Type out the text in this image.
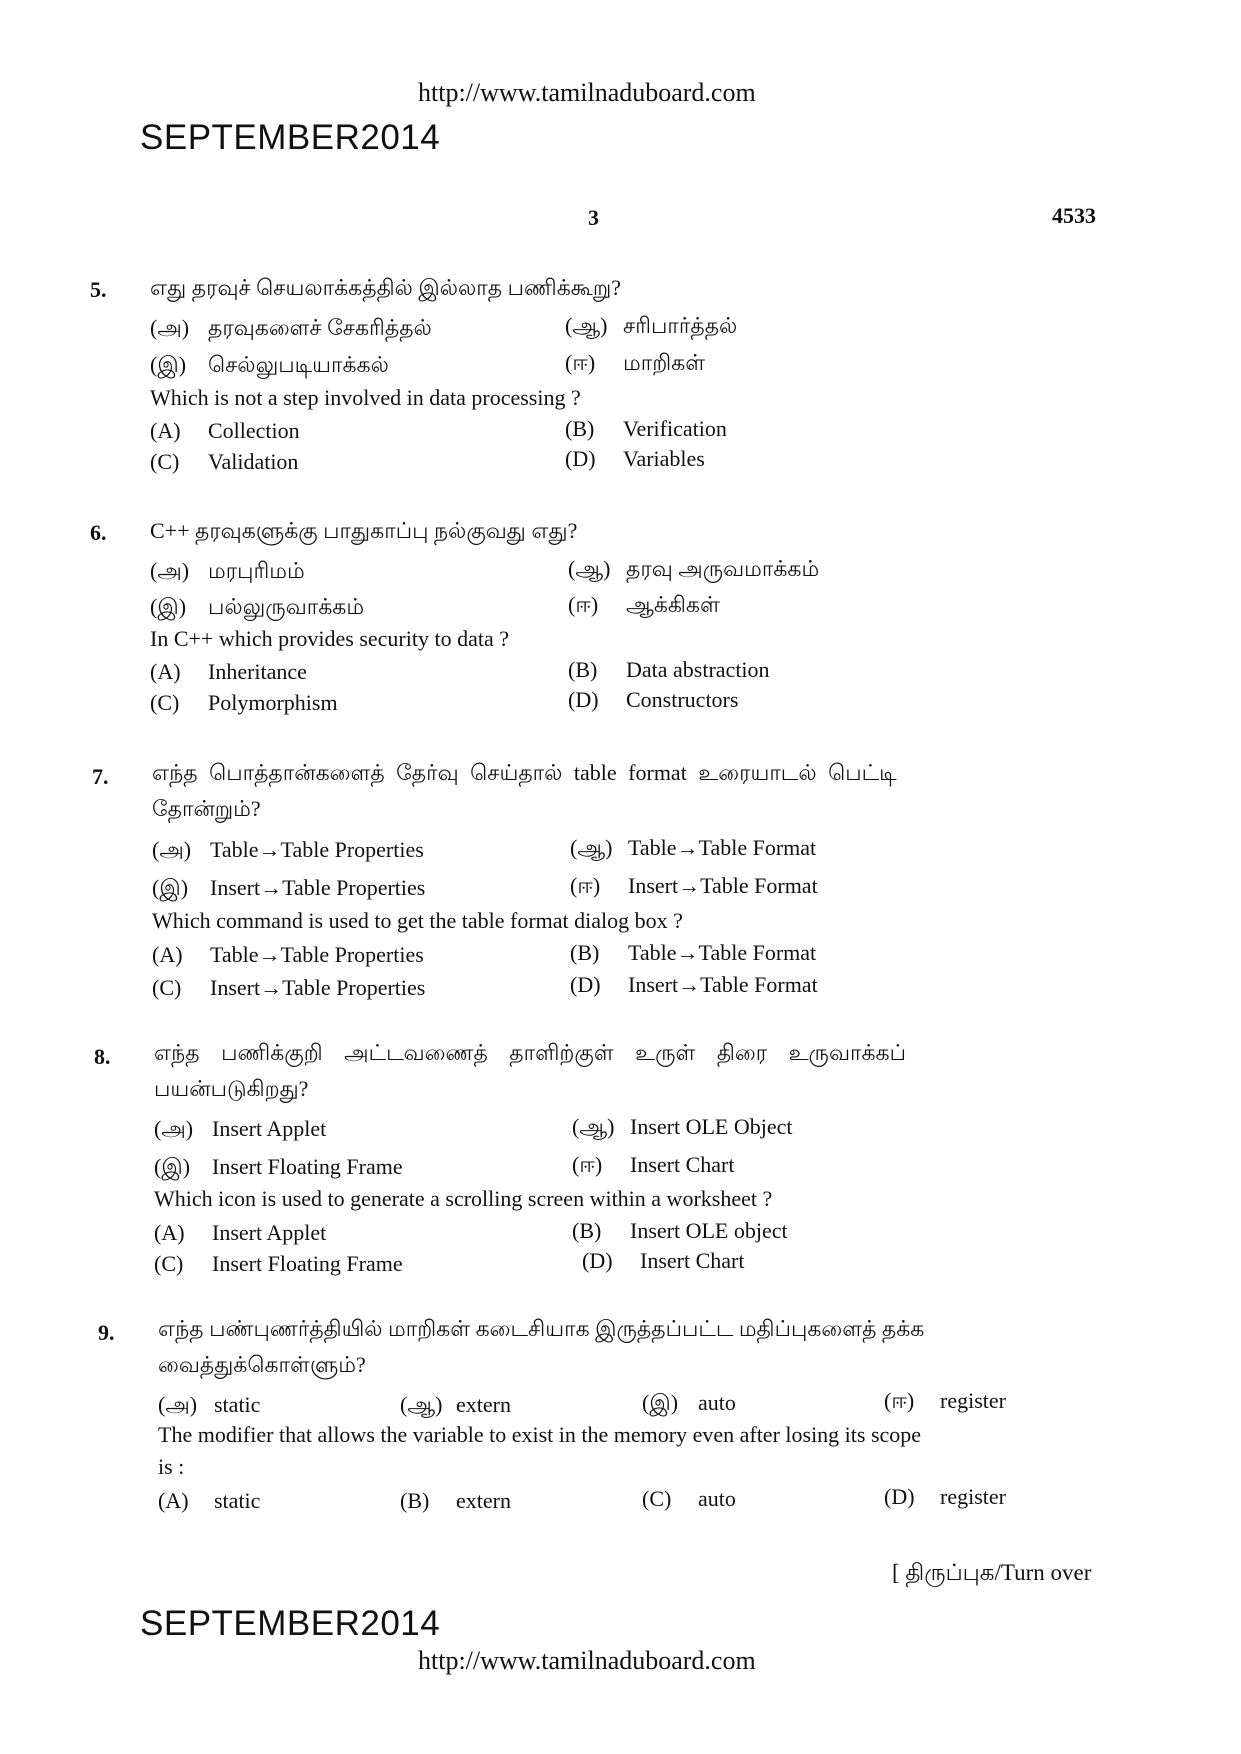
http://www.tamilnaduboard.com
SEPTEMBER2014
3	4533
5. எது தரவுச் செயலாக்கத்தில் இல்லாத பணிக்கூறு?
(அ) தரவுகளைச் சேகரித்தல்	(ஆ) சரிபார்த்தல்
(இ) செல்லுபடியாக்கல்	(ஈ) மாறிகள்
Which is not a step involved in data processing ?
(A) Collection	(B) Verification
(C) Validation	(D) Variables
6. C++ தரவுகளுக்கு பாதுகாப்பு நல்குவது எது?
(அ) மரபுரிமம்	(ஆ) தரவு அருவமாக்கம்
(இ) பல்லுருவாக்கம்	(ஈ) ஆக்கிகள்
In C++ which provides security to data ?
(A) Inheritance	(B) Data abstraction
(C) Polymorphism	(D) Constructors
7. எந்த பொத்தான்களைத் தேர்வு செய்தால் table format உரையாடல் பெட்டி
தோன்றும்?
(அ) Table→Table Properties	(ஆ) Table→Table Format
(இ) Insert→Table Properties	(ஈ) Insert→Table Format
Which command is used to get the table format dialog box ?
(A) Table→Table Properties	(B) Table→Table Format
(C) Insert→Table Properties	(D) Insert→Table Format
8. எந்த பணிக்குறி அட்டவணைத் தாளிற்குள் உருள் திரை உருவாக்கப்
பயன்படுகிறது?
(அ) Insert Applet	(ஆ) Insert OLE Object
(இ) Insert Floating Frame	(ஈ) Insert Chart
Which icon is used to generate a scrolling screen within a worksheet ?
(A) Insert Applet	(B) Insert OLE object
(C) Insert Floating Frame	(D) Insert Chart
9. எந்த பண்புணர்த்தியில் மாறிகள் கடைசியாக இருத்தப்பட்ட மதிப்புகளைத் தக்க
வைத்துக்கொள்ளும்?
(அ) static	(ஆ) extern	(இ) auto	(ஈ) register
The modifier that allows the variable to exist in the memory even after losing its scope
is :
(A) static	(B) extern	(C) auto	(D) register
[ திருப்புக/Turn over
SEPTEMBER2014
http://www.tamilnaduboard.com
